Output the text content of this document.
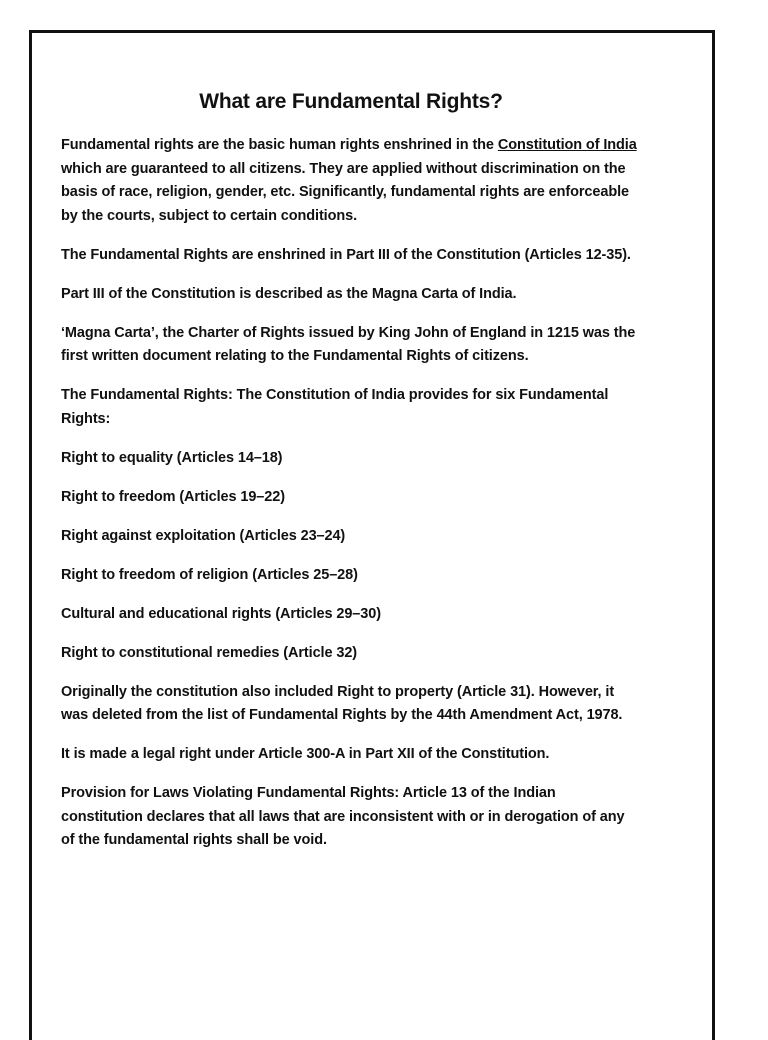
What are Fundamental Rights?

Fundamental rights are the basic human rights enshrined in the Constitution of India which are guaranteed to all citizens. They are applied without discrimination on the basis of race, religion, gender, etc. Significantly, fundamental rights are enforceable by the courts, subject to certain conditions.

The Fundamental Rights are enshrined in Part III of the Constitution (Articles 12-35).

Part III of the Constitution is described as the Magna Carta of India.

‘Magna Carta’, the Charter of Rights issued by King John of England in 1215 was the first written document relating to the Fundamental Rights of citizens.

The Fundamental Rights: The Constitution of India provides for six Fundamental Rights:

Right to equality (Articles 14–18)

Right to freedom (Articles 19–22)

Right against exploitation (Articles 23–24)

Right to freedom of religion (Articles 25–28)

Cultural and educational rights (Articles 29–30)

Right to constitutional remedies (Article 32)

Originally the constitution also included Right to property (Article 31). However, it was deleted from the list of Fundamental Rights by the 44th Amendment Act, 1978.

It is made a legal right under Article 300-A in Part XII of the Constitution.

Provision for Laws Violating Fundamental Rights: Article 13 of the Indian constitution declares that all laws that are inconsistent with or in derogation of any of the fundamental rights shall be void.
